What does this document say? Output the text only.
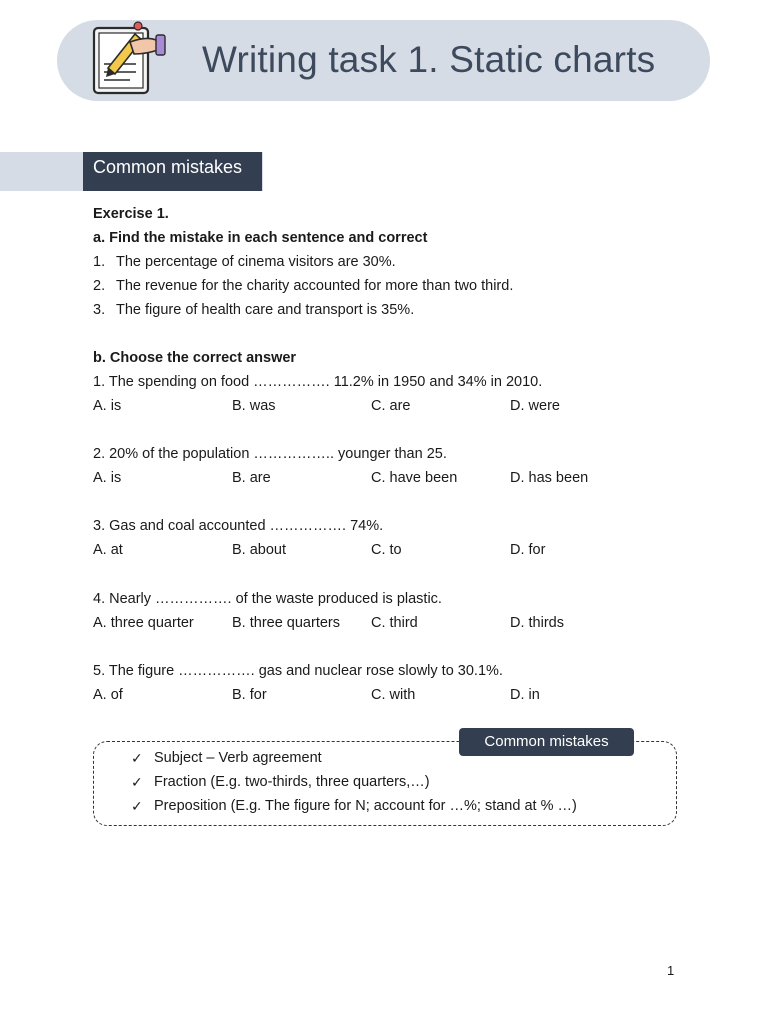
Writing task 1. Static charts
Common mistakes
Exercise 1.
a. Find the mistake in each sentence and correct
1. The percentage of cinema visitors are 30%.
2. The revenue for the charity accounted for more than two third.
3. The figure of health care and transport is 35%.
b. Choose the correct answer
1. The spending on food ……………. 11.2% in 1950 and 34% in 2010.
A. is	B. was	C. are	D. were
2. 20% of the population …………….. younger than 25.
A. is	B. are	C. have been	D. has been
3. Gas and coal accounted ……………. 74%.
A. at	B. about	C. to	D. for
4. Nearly ……………. of the waste produced is plastic.
A. three quarter	B. three quarters C. third	D. thirds
5. The figure ……………. gas and nuclear rose slowly to 30.1%.
A. of	B. for	C. with	D. in
Common mistakes
✓ Subject – Verb agreement
✓ Fraction (E.g. two-thirds, three quarters,…)
✓ Preposition (E.g. The figure for N; account for …%; stand at % …)
1
